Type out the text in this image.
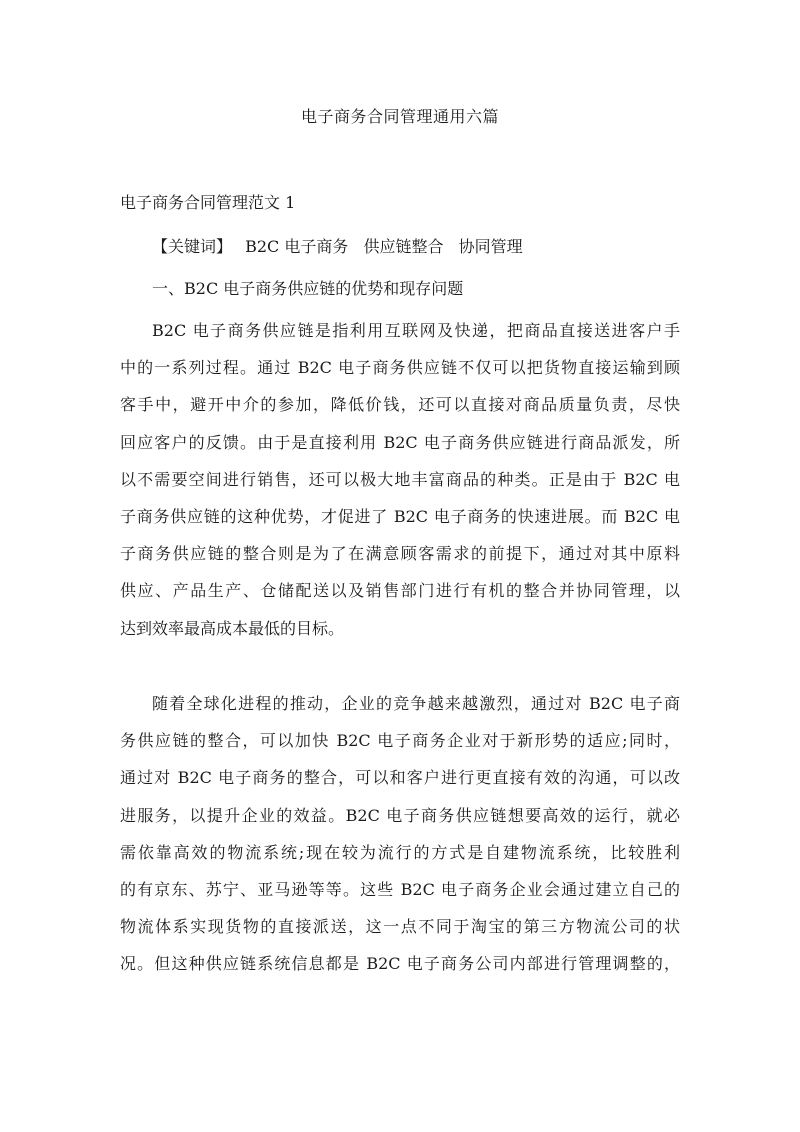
电子商务合同管理通用六篇
电子商务合同管理范文 1
【关键词】 B2C 电子商务 供应链整合 协同管理
一、B2C 电子商务供应链的优势和现存问题
B2C 电子商务供应链是指利用互联网及快递，把商品直接送进客户手
中的一系列过程。通过 B2C 电子商务供应链不仅可以把货物直接运输到顾
客手中，避开中介的参加，降低价钱，还可以直接对商品质量负责，尽快
回应客户的反馈。由于是直接利用 B2C 电子商务供应链进行商品派发，所
以不需要空间进行销售，还可以极大地丰富商品的种类。正是由于 B2C 电
子商务供应链的这种优势，才促进了 B2C 电子商务的快速进展。而 B2C 电
子商务供应链的整合则是为了在满意顾客需求的前提下，通过对其中原料
供应、产品生产、仓储配送以及销售部门进行有机的整合并协同管理，以
达到效率最高成本最低的目标。
随着全球化进程的推动，企业的竞争越来越激烈，通过对 B2C 电子商
务供应链的整合，可以加快 B2C 电子商务企业对于新形势的适应;同时，
通过对 B2C 电子商务的整合，可以和客户进行更直接有效的沟通，可以改
进服务，以提升企业的效益。B2C 电子商务供应链想要高效的运行，就必
需依靠高效的物流系统;现在较为流行的方式是自建物流系统，比较胜利
的有京东、苏宁、亚马逊等等。这些 B2C 电子商务企业会通过建立自己的
物流体系实现货物的直接派送，这一点不同于淘宝的第三方物流公司的状
况。但这种供应链系统信息都是 B2C 电子商务公司内部进行管理调整的，
